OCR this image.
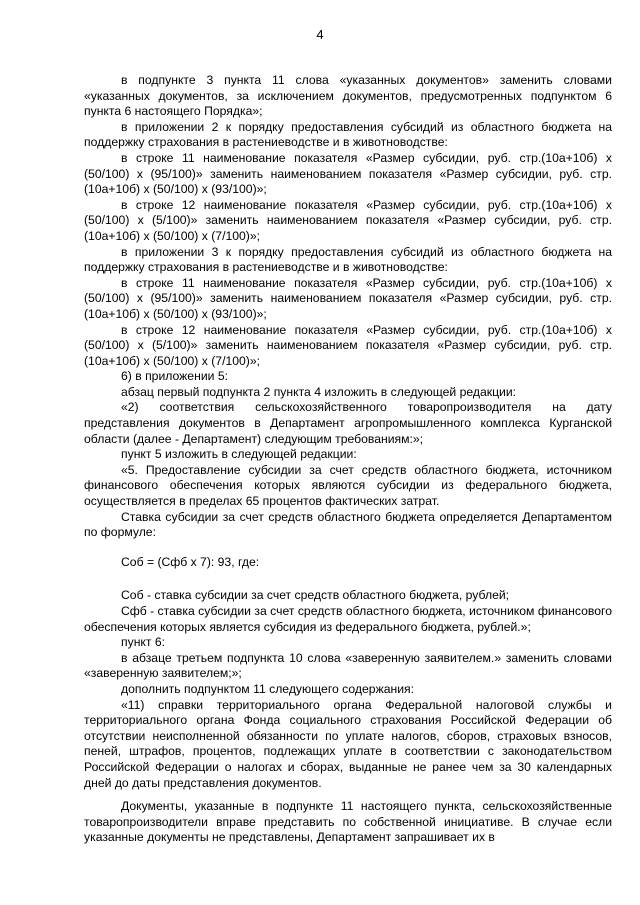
4

в подпункте 3 пункта 11 слова «указанных документов» заменить словами «указанных документов, за исключением документов, предусмотренных подпунктом 6 пункта 6 настоящего Порядка»;

в приложении 2 к порядку предоставления субсидий из областного бюджета на поддержку страхования в растениеводстве и в животноводстве:

в строке 11 наименование показателя «Размер субсидии, руб. стр.(10а+10б) х (50/100) х (95/100)» заменить наименованием показателя «Размер субсидии, руб. стр. (10а+10б) х (50/100) х (93/100)»;

в строке 12 наименование показателя «Размер субсидии, руб. стр.(10а+10б) х (50/100) х (5/100)» заменить наименованием показателя «Размер субсидии, руб. стр. (10а+10б) х (50/100) х (7/100)»;

в приложении 3 к порядку предоставления субсидий из областного бюджета на поддержку страхования в растениеводстве и в животноводстве:

в строке 11 наименование показателя «Размер субсидии, руб. стр.(10а+10б) х (50/100) х (95/100)» заменить наименованием показателя «Размер субсидии, руб. стр. (10а+10б) х (50/100) х (93/100)»;

в строке 12 наименование показателя «Размер субсидии, руб. стр.(10а+10б) х (50/100) х (5/100)» заменить наименованием показателя «Размер субсидии, руб. стр. (10а+10б) х (50/100) х (7/100)»;

6) в приложении 5:

абзац первый подпункта 2 пункта 4 изложить в следующей редакции:

«2) соответствия сельскохозяйственного товаропроизводителя на дату представления документов в Департамент агропромышленного комплекса Курганской области (далее - Департамент) следующим требованиям:»;

пункт 5 изложить в следующей редакции:

«5. Предоставление субсидии за счет средств областного бюджета, источником финансового обеспечения которых являются субсидии из федерального бюджета, осуществляется в пределах 65 процентов фактических затрат.

Ставка субсидии за счет средств областного бюджета определяется Департаментом по формуле:

Соб = (Сфб х 7): 93, где:

Соб - ставка субсидии за счет средств областного бюджета, рублей;

Сфб - ставка субсидии за счет средств областного бюджета, источником финансового обеспечения которых является субсидия из федерального бюджета, рублей.»;

пункт 6:

в абзаце третьем подпункта 10 слова «заверенную заявителем.» заменить словами «заверенную заявителем;»;

дополнить подпунктом 11 следующего содержания:

«11) справки территориального органа Федеральной налоговой службы и территориального органа Фонда социального страхования Российской Федерации об отсутствии неисполненной обязанности по уплате налогов, сборов, страховых взносов, пеней, штрафов, процентов, подлежащих уплате в соответствии с законодательством Российской Федерации о налогах и сборах, выданные не ранее чем за 30 календарных дней до даты представления документов.

Документы, указанные в подпункте 11 настоящего пункта, сельскохозяйственные товаропроизводители вправе представить по собственной инициативе. В случае если указанные документы не представлены, Департамент запрашивает их в
